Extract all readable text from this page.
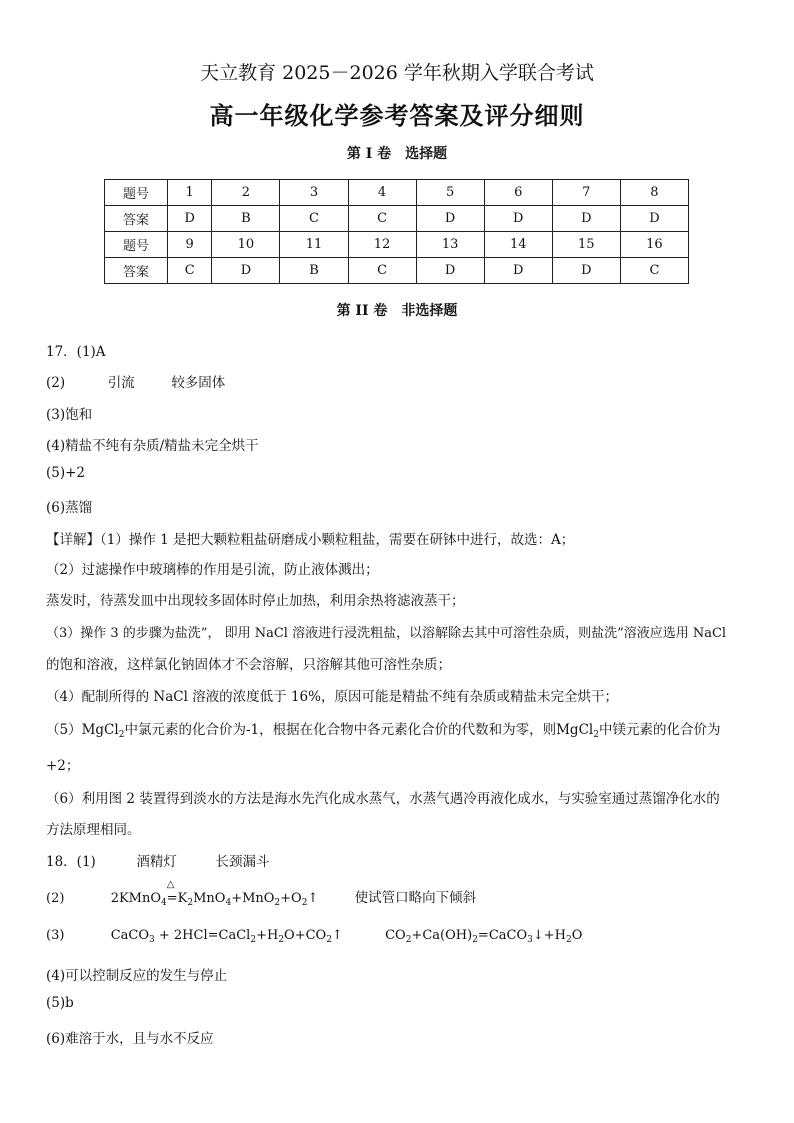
天立教育 2025－2026 学年秋期入学联合考试
高一年级化学参考答案及评分细则
第 I 卷　选择题
题号	1	2	3	4	5	6	7	8
答案	D	B	C	C	D	D	D	D
题号	9	10	11	12	13	14	15	16
答案	C	D	B	C	D	D	D	C
第 II 卷　非选择题
17．(1)A
(2)	引流	较多固体
(3)饱和
(4)精盐不纯有杂质/精盐未完全烘干
(5)+2
(6)蒸馏
【详解】（1）操作 1 是把大颗粒粗盐研磨成小颗粒粗盐，需要在研钵中进行，故选：A；
（2）过滤操作中玻璃棒的作用是引流，防止液体溅出；
蒸发时，待蒸发皿中出现较多固体时停止加热，利用余热将滤液蒸干；
（3）操作 3 的步骤为盐洗”， 即用 NaCl 溶液进行浸洗粗盐，以溶解除去其中可溶性杂质，则盐洗”溶液应选用 NaCl
的饱和溶液，这样氯化钠固体才不会溶解，只溶解其他可溶性杂质；
（4）配制所得的 NaCl 溶液的浓度低于 16%，原因可能是精盐不纯有杂质或精盐未完全烘干；
（5）MgCl$_2$中氯元素的化合价为-1，根据在化合物中各元素化合价的代数和为零，则MgCl$_2$中镁元素的化合价为
+2；
（6）利用图 2 装置得到淡水的方法是海水先汽化成水蒸气，水蒸气遇冷再液化成水，与实验室通过蒸馏净化水的
方法原理相同。
18．(1)	酒精灯	长颈漏斗
(2)	2KMnO$_4$
△
$=K_2MnO_4+MnO_2+O_2↑$	使试管口略向下倾斜
(3)	CaCO$_3$ + $2HCl=CaCl_2+H_2O+CO_2↑$	$CO_2+Ca(OH)_2=CaCO_3↓+H_2O$
(4)可以控制反应的发生与停止
(5)b
(6)难溶于水，且与水不反应
